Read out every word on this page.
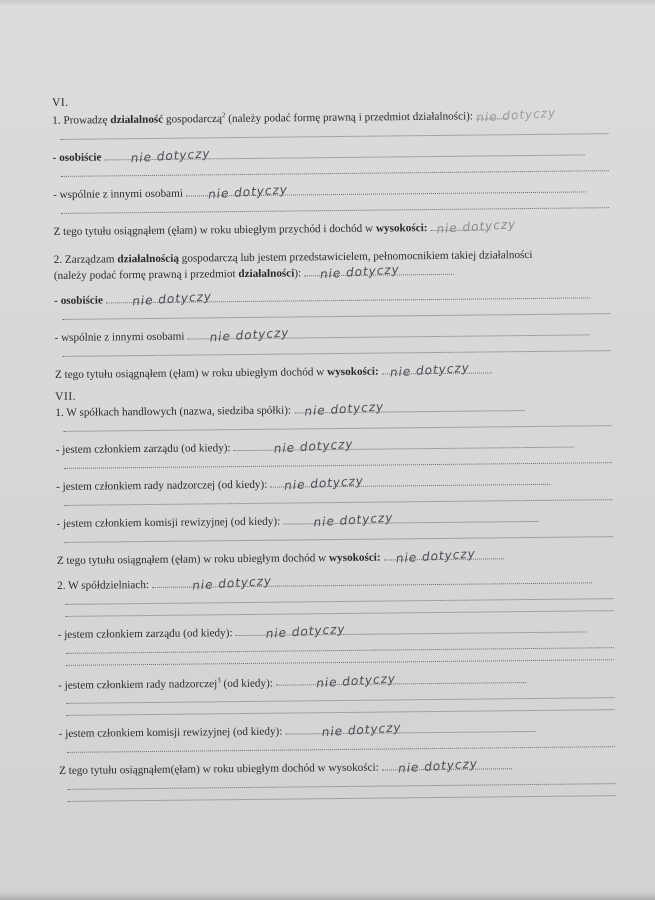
VI.
1. Prowadzę działalność gospodarczą$^2$ (należy podać formę prawną i przedmiot działalności): nie dotyczy
- osobiście nie dotyczy
- wspólnie z innymi osobami nie dotyczy
Z tego tytułu osiągnąłem (ęłam) w roku ubiegłym przychód i dochód w wysokości: nie dotyczy
2. Zarządzam działalnością gospodarczą lub jestem przedstawicielem, pełnomocnikiem takiej działalności
(należy podać formę prawną i przedmiot działalności): nie dotyczy
- osobiście nie dotyczy
- wspólnie z innymi osobami nie dotyczy
Z tego tytułu osiągnąłem (ęłam) w roku ubiegłym dochód w wysokości: nie dotyczy
VII.
1. W spółkach handlowych (nazwa, siedziba spółki): nie dotyczy
- jestem członkiem zarządu (od kiedy):	nie dotyczy
- jestem członkiem rady nadzorczej (od kiedy): nie dotyczy
- jestem członkiem komisji rewizyjnej (od kiedy):	nie dotyczy
Z tego tytułu osiągnąłem (ęłam) w roku ubiegłym dochód w wysokości: nie dotyczy
2. W spółdzielniach:	nie dotyczy
- jestem członkiem zarządu (od kiedy):	nie dotyczy
- jestem członkiem rady nadzorczej$^3$ (od kiedy):	nie dotyczy
- jestem członkiem komisji rewizyjnej (od kiedy):	nie dotyczy
Z tego tytułu osiągnąłem(ęłam) w roku ubiegłym dochód w wysokości: nie dotyczy
